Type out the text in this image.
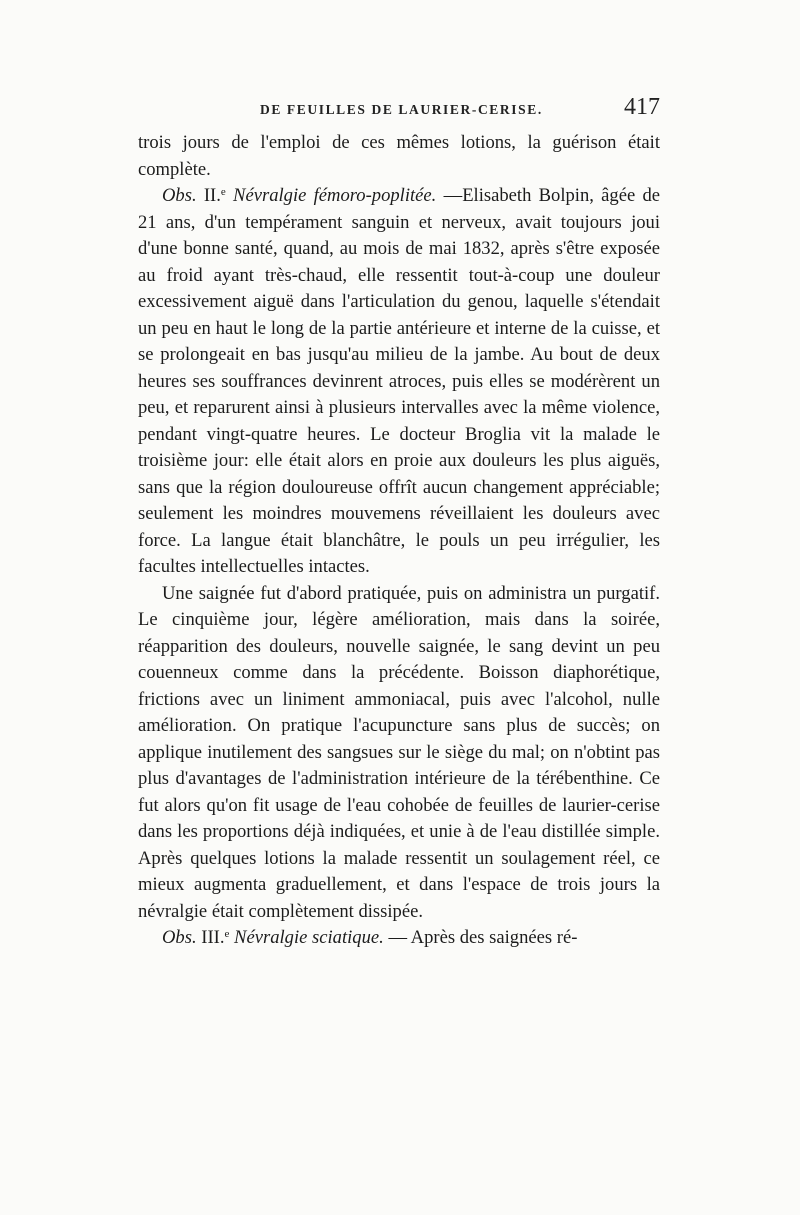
DE FEUILLES DE LAURIER-CERISE.	417

trois jours de l'emploi de ces mêmes lotions, la guérison était complète.

Obs. II.$^e$ Névralgie fémoro-poplitée. —Elisabeth Bolpin, âgée de 21 ans, d'un tempérament sanguin et nerveux, avait toujours joui d'une bonne santé, quand, au mois de mai 1832, après s'être exposée au froid ayant très-chaud, elle ressentit tout-à-coup une douleur excessivement aiguë dans l'articulation du genou, laquelle s'étendait un peu en haut le long de la partie antérieure et interne de la cuisse, et se prolongeait en bas jusqu'au milieu de la jambe. Au bout de deux heures ses souffrances devinrent atroces, puis elles se modérèrent un peu, et reparurent ainsi à plusieurs intervalles avec la même violence, pendant vingt-quatre heures. Le docteur Broglia vit la malade le troisième jour: elle était alors en proie aux douleurs les plus aiguës, sans que la région douloureuse offrît aucun changement appréciable; seulement les moindres mouvemens réveillaient les douleurs avec force. La langue était blanchâtre, le pouls un peu irrégulier, les facultes intellectuelles intactes.

Une saignée fut d'abord pratiquée, puis on administra un purgatif. Le cinquième jour, légère amélioration, mais dans la soirée, réapparition des douleurs, nouvelle saignée, le sang devint un peu couenneux comme dans la précédente. Boisson diaphorétique, frictions avec un liniment ammoniacal, puis avec l'alcohol, nulle amélioration. On pratique l'acupuncture sans plus de succès; on applique inutilement des sangsues sur le siège du mal; on n'obtint pas plus d'avantages de l'administration intérieure de la térébenthine. Ce fut alors qu'on fit usage de l'eau cohobée de feuilles de laurier-cerise dans les proportions déjà indiquées, et unie à de l'eau distillée simple. Après quelques lotions la malade ressentit un soulagement réel, ce mieux augmenta graduellement, et dans l'espace de trois jours la névralgie était complètement dissipée.

Obs. III.$^e$ Névralgie sciatique. — Après des saignées ré-
